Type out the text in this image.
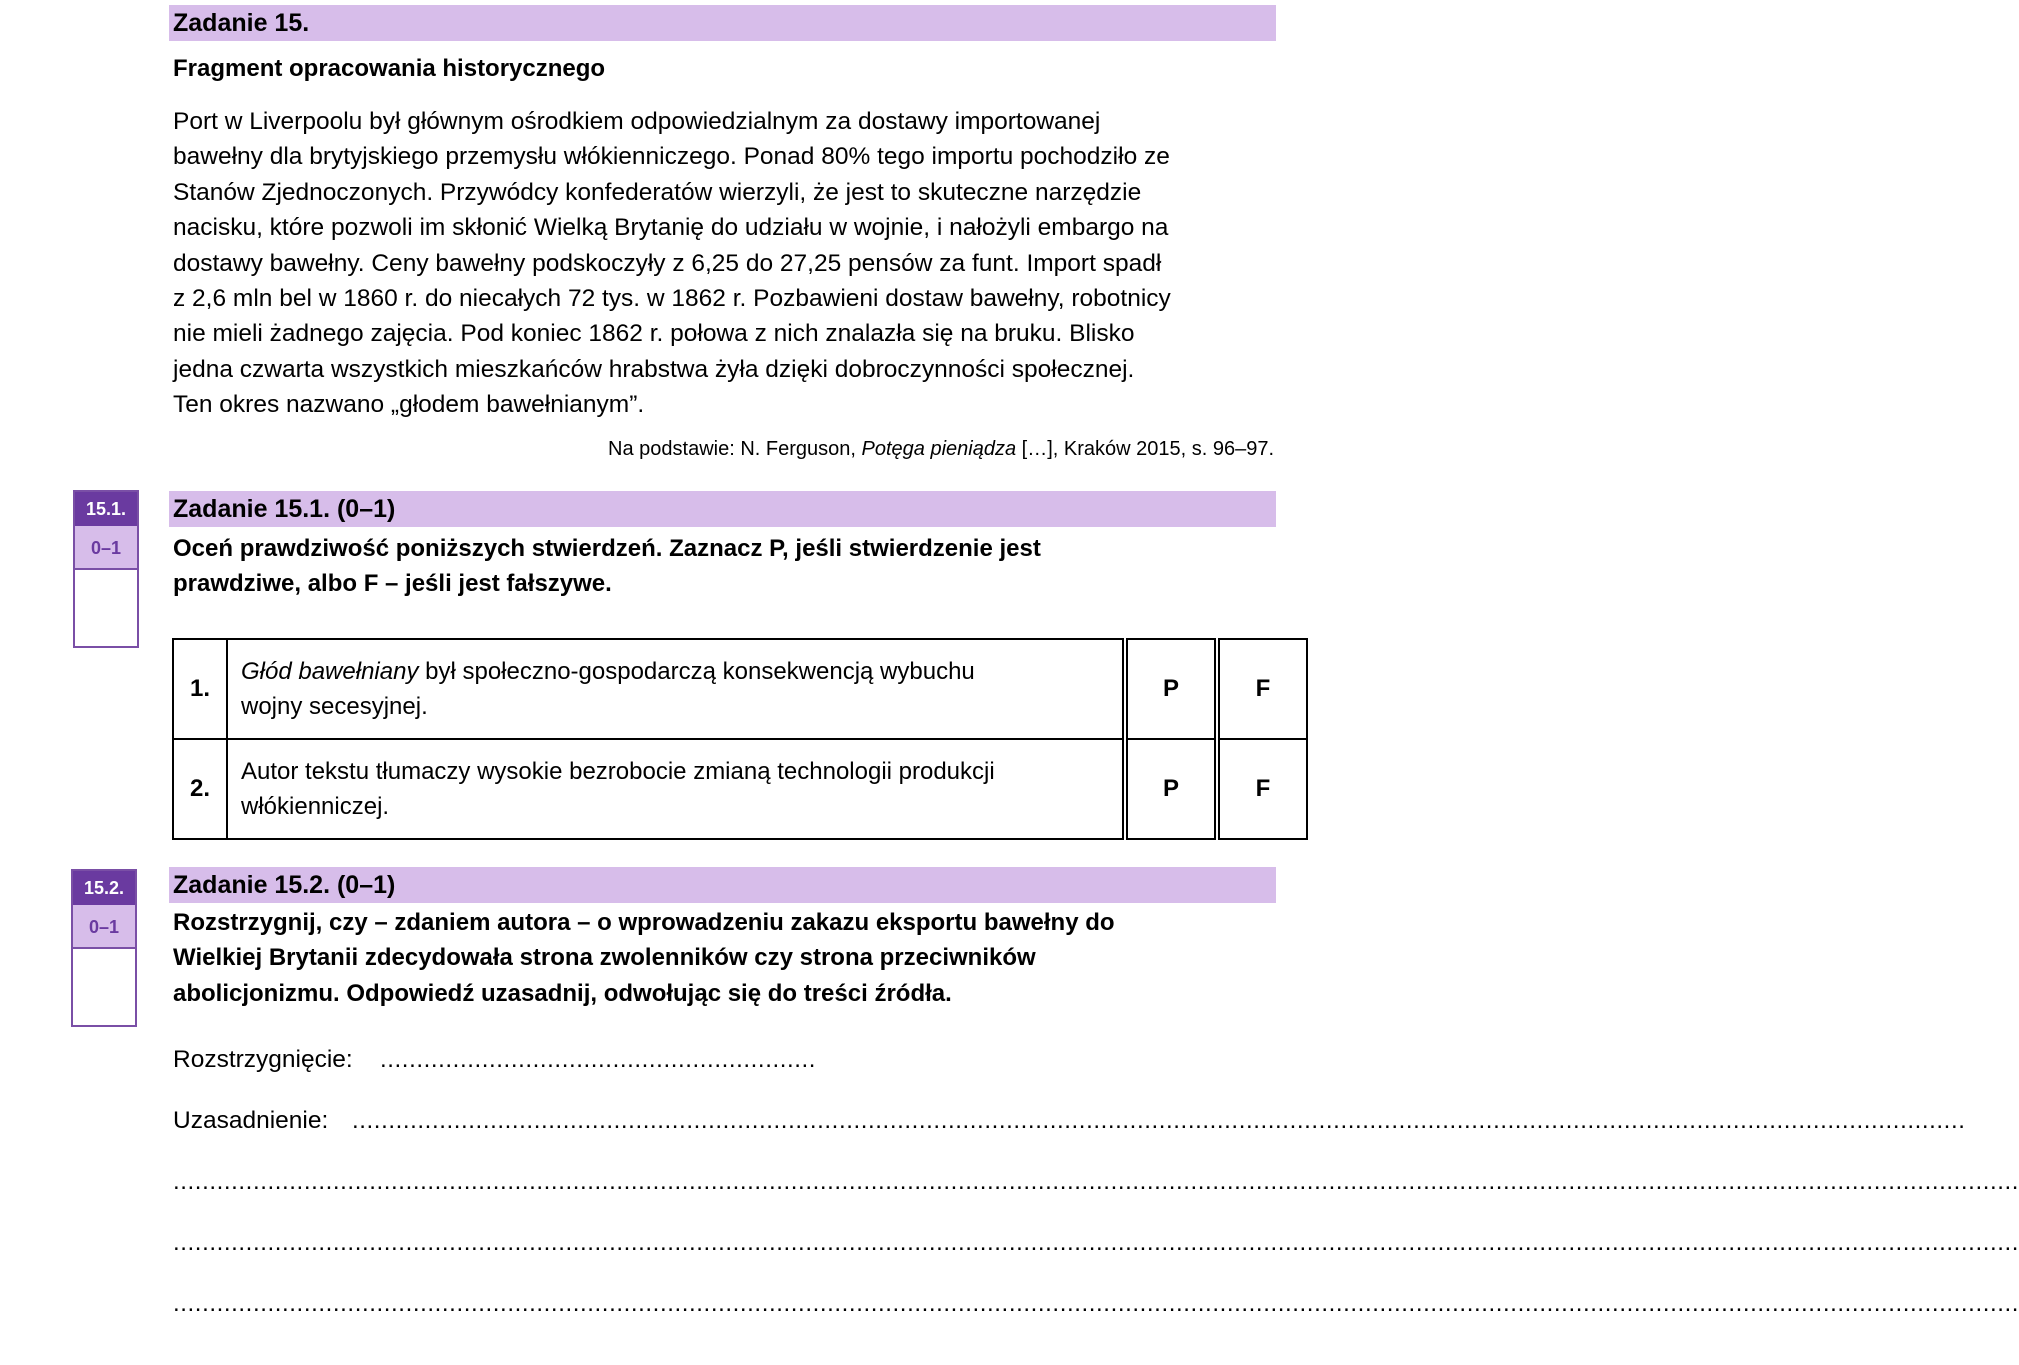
Zadanie 15.
Fragment opracowania historycznego

Port w Liverpoolu był głównym ośrodkiem odpowiedzialnym za dostawy importowanej
bawełny dla brytyjskiego przemysłu włókienniczego. Ponad 80% tego importu pochodziło ze
Stanów Zjednoczonych. Przywódcy konfederatów wierzyli, że jest to skuteczne narzędzie
nacisku, które pozwoli im skłonić Wielką Brytanię do udziału w wojnie, i nałożyli embargo na
dostawy bawełny. Ceny bawełny podskoczyły z 6,25 do 27,25 pensów za funt. Import spadł
z 2,6 mln bel w 1860 r. do niecałych 72 tys. w 1862 r. Pozbawieni dostaw bawełny, robotnicy
nie mieli żadnego zajęcia. Pod koniec 1862 r. połowa z nich znalazła się na bruku. Blisko
jedna czwarta wszystkich mieszkańców hrabstwa żyła dzięki dobroczynności społecznej.
Ten okres nazwano „głodem bawełnianym”.

Na podstawie: N. Ferguson, Potęga pieniądza […], Kraków 2015, s. 96–97.
15.1.
0–1
Zadanie 15.1. (0–1)

Oceń prawdziwość poniższych stwierdzeń. Zaznacz P, jeśli stwierdzenie jest
prawdziwe, albo F – jeśli jest fałszywe.

1.	Głód bawełniany był społeczno-gospodarczą konsekwencją wybuchu
wojny secesyjnej.	P	F
2.	Autor tekstu tłumaczy wysokie bezrobocie zmianą technologii produkcji
włókienniczej.	P	F
15.2.
0–1
Zadanie 15.2. (0–1)

Rozstrzygnij, czy – zdaniem autora – o wprowadzeniu zakazu eksportu bawełny do
Wielkiej Brytanii zdecydowała strona zwolenników czy strona przeciwników
abolicjonizmu. Odpowiedź uzasadnij, odwołując się do treści źródła.

Rozstrzygnięcie: ............................................................
Uzasadnienie: ..............................................................................................................................................................................................................................
..............................................................................................................................................................................................................................................................
..............................................................................................................................................................................................................................................................
..............................................................................................................................................................................................................................................................
